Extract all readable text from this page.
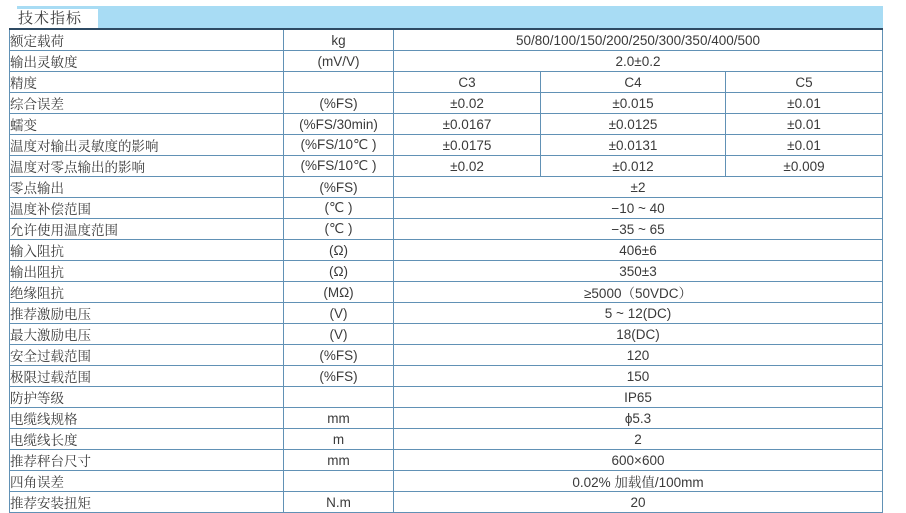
技术指标
额定载荷	kg	50/80/100/150/200/250/300/350/400/500		
输出灵敏度	(mV/V)	2.0±0.2		
精度		C3	C4	C5
综合误差	(%FS)	±0.02	±0.015	±0.01
蠕变	(%FS/30min)	±0.0167	±0.0125	±0.01
温度对输出灵敏度的影响	(%FS/10℃ )	±0.0175	±0.0131	±0.01
温度对零点输出的影响	(%FS/10℃ )	±0.02	±0.012	±0.009
零点输出	(%FS)	±2		
温度补偿范围	(℃ )	−10 ~ 40		
允许使用温度范围	(℃ )	−35 ~ 65		
输入阻抗	(Ω)	406±6		
输出阻抗	(Ω)	350±3		
绝缘阻抗	(MΩ)	≥5000（50VDC）		
推荐激励电压	(V)	5 ~ 12(DC)		
最大激励电压	(V)	18(DC)		
安全过载范围	(%FS)	120		
极限过载范围	(%FS)	150		
防护等级		IP65		
电缆线规格	mm	ϕ5.3		
电缆线长度	m	2		
推荐秤台尺寸	mm	600×600		
四角误差		0.02% 加载值/100mm		
推荐安装扭矩	N.m	20		
